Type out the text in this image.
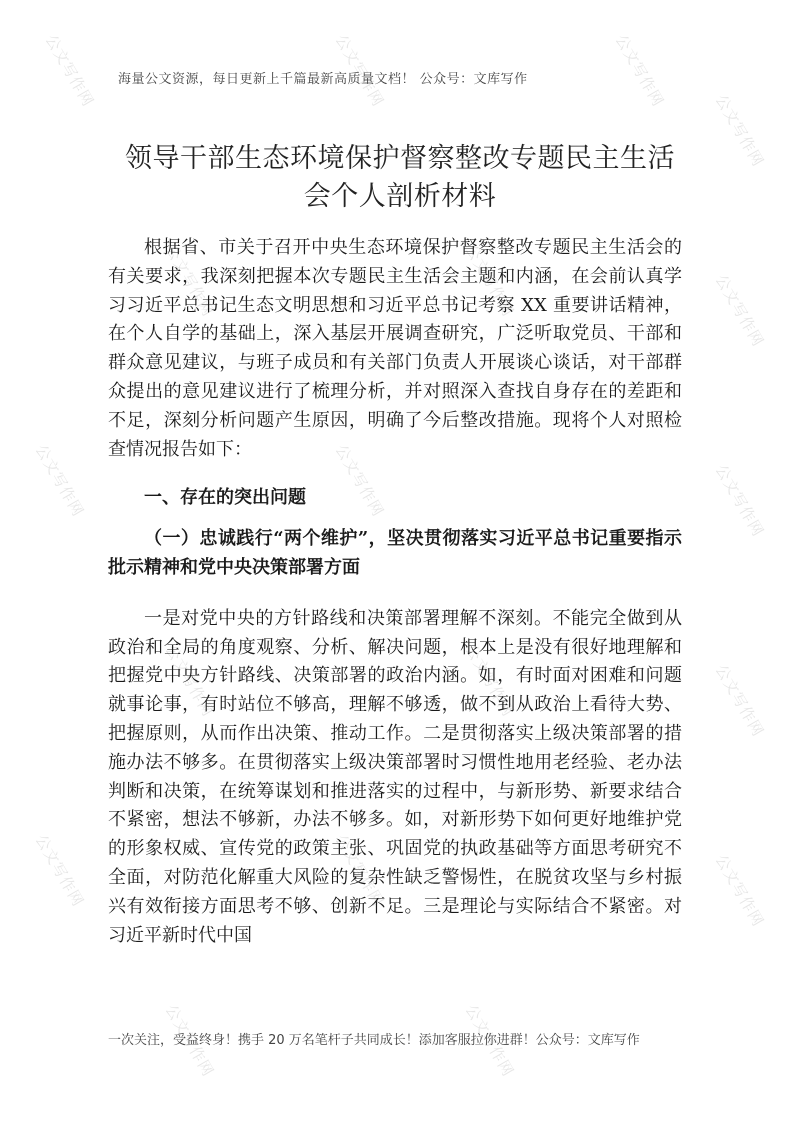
公文写作网	公文写作网	公文写作网
公文写作网
公文写作网	公文写作网	公文写作网
公文写作网	公文写作网	公文写作网
公文写作网	公文写作网	公文写作网
公文写作网	公文写作网	公文写作网
公文写作网	公文写作网
海量公文资源，每日更新上千篇最新高质量文档！ 公众号：文库写作
领导干部生态环境保护督察整改专题民主生活
会个人剖析材料

根据省、市关于召开中央生态环境保护督察整改专题民主生活会的有关要求，我深刻把握本次专题民主生活会主题和内涵，在会前认真学习习近平总书记生态文明思想和习近平总书记考察 XX 重要讲话精神，在个人自学的基础上，深入基层开展调查研究，广泛听取党员、干部和群众意见建议，与班子成员和有关部门负责人开展谈心谈话，对干部群众提出的意见建议进行了梳理分析，并对照深入查找自身存在的差距和不足，深刻分析问题产生原因，明确了今后整改措施。现将个人对照检查情况报告如下：

一、存在的突出问题

（一）忠诚践行“两个维护”，坚决贯彻落实习近平总书记重要指示批示精神和党中央决策部署方面

一是对党中央的方针路线和决策部署理解不深刻。不能完全做到从政治和全局的角度观察、分析、解决问题，根本上是没有很好地理解和把握党中央方针路线、决策部署的政治内涵。如，有时面对困难和问题就事论事，有时站位不够高，理解不够透，做不到从政治上看待大势、把握原则，从而作出决策、推动工作。二是贯彻落实上级决策部署的措施办法不够多。在贯彻落实上级决策部署时习惯性地用老经验、老办法判断和决策，在统筹谋划和推进落实的过程中，与新形势、新要求结合不紧密，想法不够新，办法不够多。如，对新形势下如何更好地维护党的形象权威、宣传党的政策主张、巩固党的执政基础等方面思考研究不全面，对防范化解重大风险的复杂性缺乏警惕性，在脱贫攻坚与乡村振兴有效衔接方面思考不够、创新不足。三是理论与实际结合不紧密。对习近平新时代中国

一次关注，受益终身！携手 20 万名笔杆子共同成长！添加客服拉你进群！公众号：文库写作
